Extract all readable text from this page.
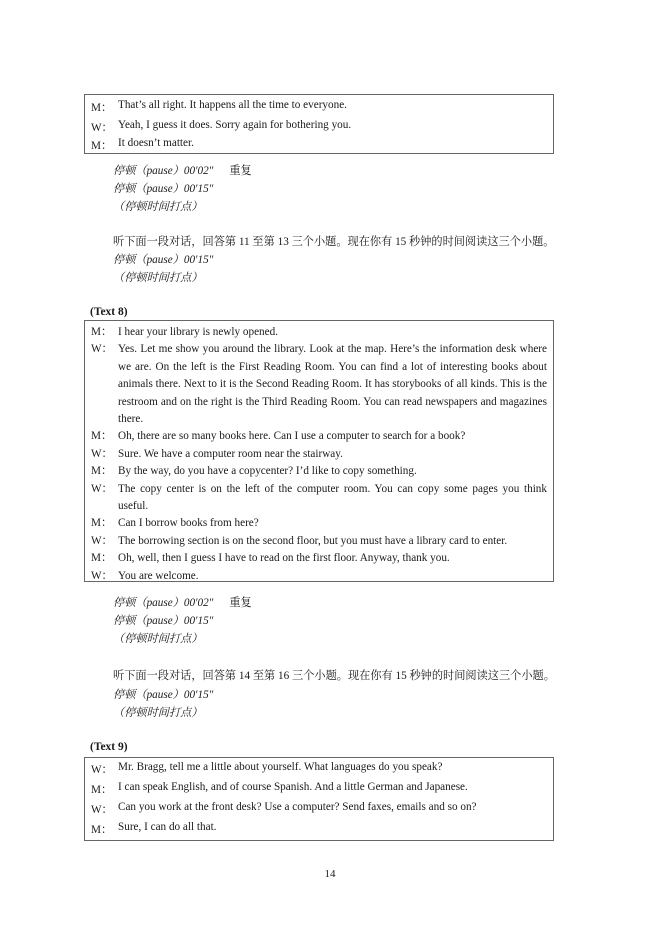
M： That’s all right. It happens all the time to everyone.
W： Yeah, I guess it does. Sorry again for bothering you.
M： It doesn’t matter.
停顿（pause）00′02″ 重复
停顿（pause）00′15″
（停顿时间打点）
听下面一段对话，回答第 11 至第 13 三个小题。现在你有 15 秒钟的时间阅读这三个小题。
停顿（pause）00′15″
（停顿时间打点）
(Text 8)
M： I hear your library is newly opened.
W： Yes. Let me show you around the library. Look at the map. Here’s the information desk where we are. On the left is the First Reading Room. You can find a lot of interesting books about animals there. Next to it is the Second Reading Room. It has storybooks of all kinds. This is the restroom and on the right is the Third Reading Room. You can read newspapers and magazines there.
M： Oh, there are so many books here. Can I use a computer to search for a book?
W： Sure. We have a computer room near the stairway.
M： By the way, do you have a copycenter? I’d like to copy something.
W： The copy center is on the left of the computer room. You can copy some pages you think useful.
M： Can I borrow books from here?
W： The borrowing section is on the second floor, but you must have a library card to enter.
M： Oh, well, then I guess I have to read on the first floor. Anyway, thank you.
W： You are welcome.
停顿（pause）00′02″ 重复
停顿（pause）00′15″
（停顿时间打点）
听下面一段对话，回答第 14 至第 16 三个小题。现在你有 15 秒钟的时间阅读这三个小题。
停顿（pause）00′15″
（停顿时间打点）
(Text 9)
W： Mr. Bragg, tell me a little about yourself. What languages do you speak?
M： I can speak English, and of course Spanish. And a little German and Japanese.
W： Can you work at the front desk? Use a computer? Send faxes, emails and so on?
M： Sure, I can do all that.
14
